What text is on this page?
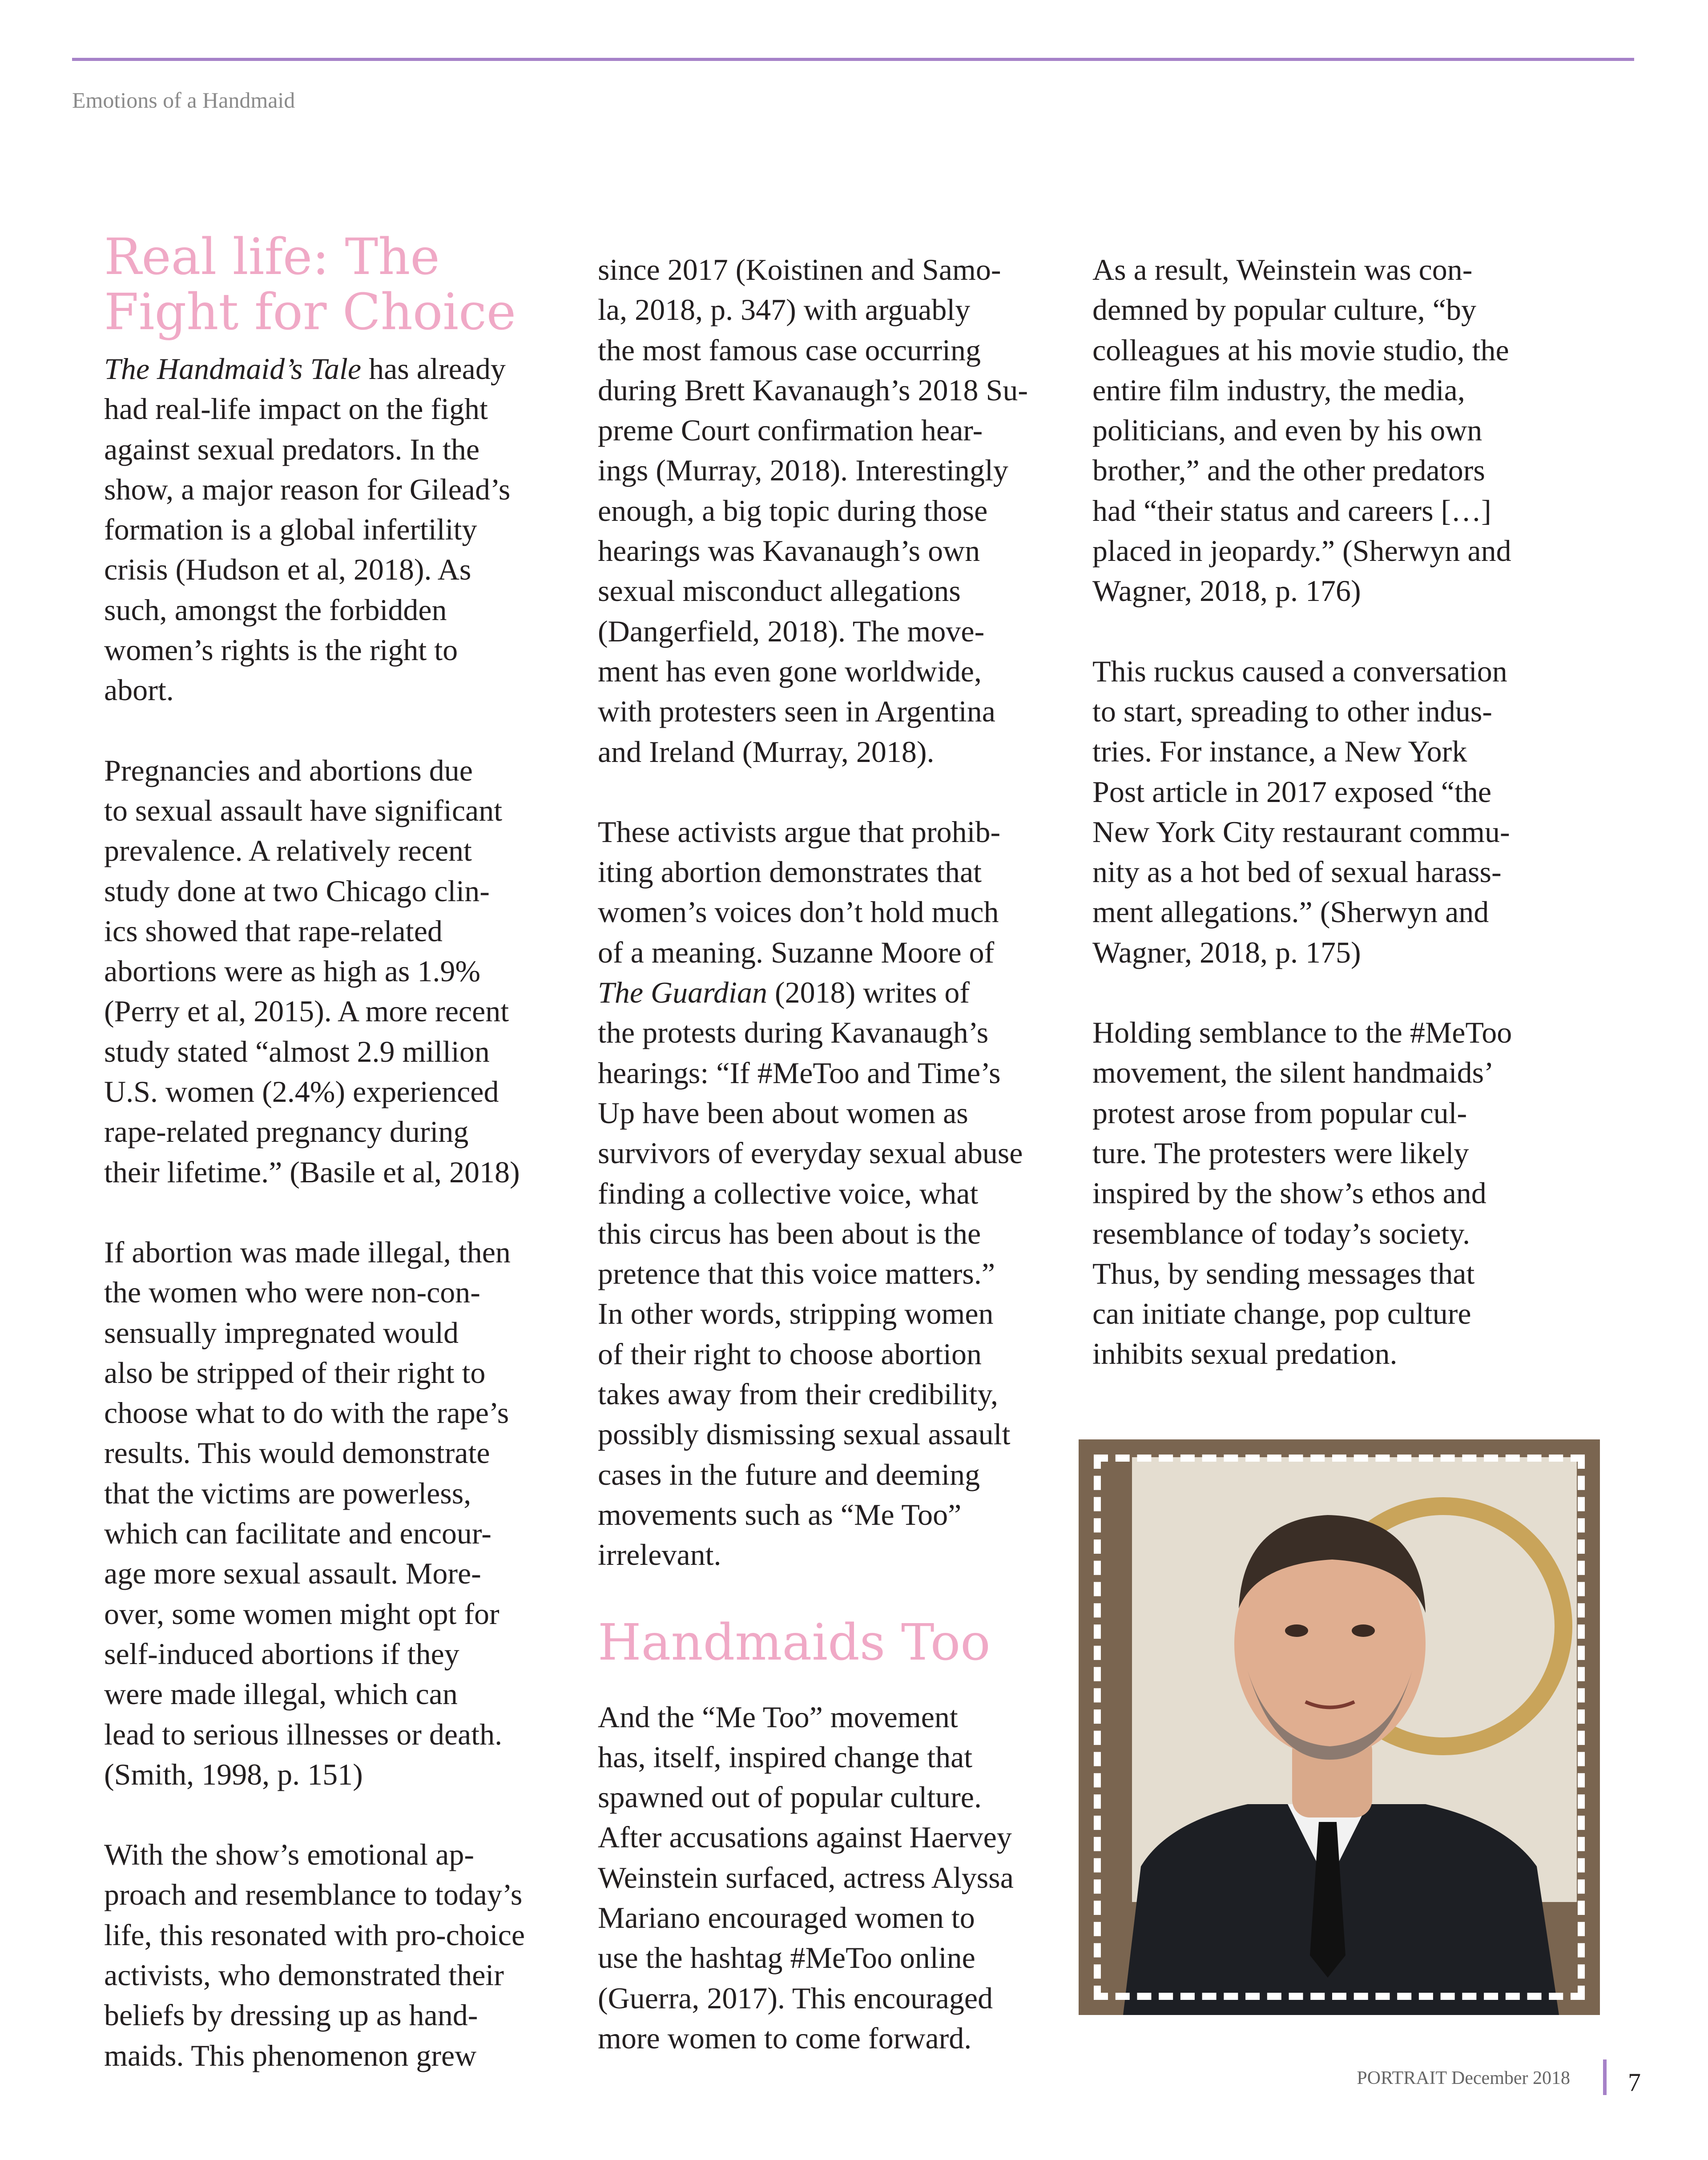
Emotions of a Handmaid
Real life: The
Fight for Choice

The Handmaid’s Tale has already
had real-life impact on the fight
against sexual predators. In the
show, a major reason for Gilead’s
formation is a global infertility
crisis (Hudson et al, 2018). As
such, amongst the forbidden
women’s rights is the right to
abort.

Pregnancies and abortions due
to sexual assault have significant
prevalence. A relatively recent
study done at two Chicago clin-
ics showed that rape-related
abortions were as high as 1.9%
(Perry et al, 2015). A more recent
study stated “almost 2.9 million
U.S. women (2.4%) experienced
rape-related pregnancy during
their lifetime.” (Basile et al, 2018)

If abortion was made illegal, then
the women who were non-con-
sensually impregnated would
also be stripped of their right to
choose what to do with the rape’s
results. This would demonstrate
that the victims are powerless,
which can facilitate and encour-
age more sexual assault. More-
over, some women might opt for
self-induced abortions if they
were made illegal, which can
lead to serious illnesses or death.
(Smith, 1998, p. 151)

With the show’s emotional ap-
proach and resemblance to today’s
life, this resonated with pro-choice
activists, who demonstrated their
beliefs by dressing up as hand-
maids. This phenomenon grew

since 2017 (Koistinen and Samo-
la, 2018, p. 347) with arguably
the most famous case occurring
during Brett Kavanaugh’s 2018 Su-
preme Court confirmation hear-
ings (Murray, 2018). Interestingly
enough, a big topic during those
hearings was Kavanaugh’s own
sexual misconduct allegations
(Dangerfield, 2018). The move-
ment has even gone worldwide,
with protesters seen in Argentina
and Ireland (Murray, 2018).

These activists argue that prohib-
iting abortion demonstrates that
women’s voices don’t hold much
of a meaning. Suzanne Moore of
The Guardian (2018) writes of
the protests during Kavanaugh’s
hearings: “If #MeToo and Time’s
Up have been about women as
survivors of everyday sexual abuse
finding a collective voice, what
this circus has been about is the
pretence that this voice matters.”
In other words, stripping women
of their right to choose abortion
takes away from their credibility,
possibly dismissing sexual assault
cases in the future and deeming
movements such as “Me Too”
irrelevant.

Handmaids Too

And the “Me Too” movement
has, itself, inspired change that
spawned out of popular culture.
After accusations against Haervey
Weinstein surfaced, actress Alyssa
Mariano encouraged women to
use the hashtag #MeToo online
(Guerra, 2017). This encouraged
more women to come forward.

As a result, Weinstein was con-
demned by popular culture, “by
colleagues at his movie studio, the
entire film industry, the media,
politicians, and even by his own
brother,” and the other predators
had “their status and careers […]
placed in jeopardy.” (Sherwyn and
Wagner, 2018, p. 176)

This ruckus caused a conversation
to start, spreading to other indus-
tries. For instance, a New York
Post article in 2017 exposed “the
New York City restaurant commu-
nity as a hot bed of sexual harass-
ment allegations.” (Sherwyn and
Wagner, 2018, p. 175)

Holding semblance to the #MeToo
movement, the silent handmaids’
protest arose from popular cul-
ture. The protesters were likely
inspired by the show’s ethos and
resemblance of today’s society.
Thus, by sending messages that
can initiate change, pop culture
inhibits sexual predation.

PORTRAIT December 2018 7
